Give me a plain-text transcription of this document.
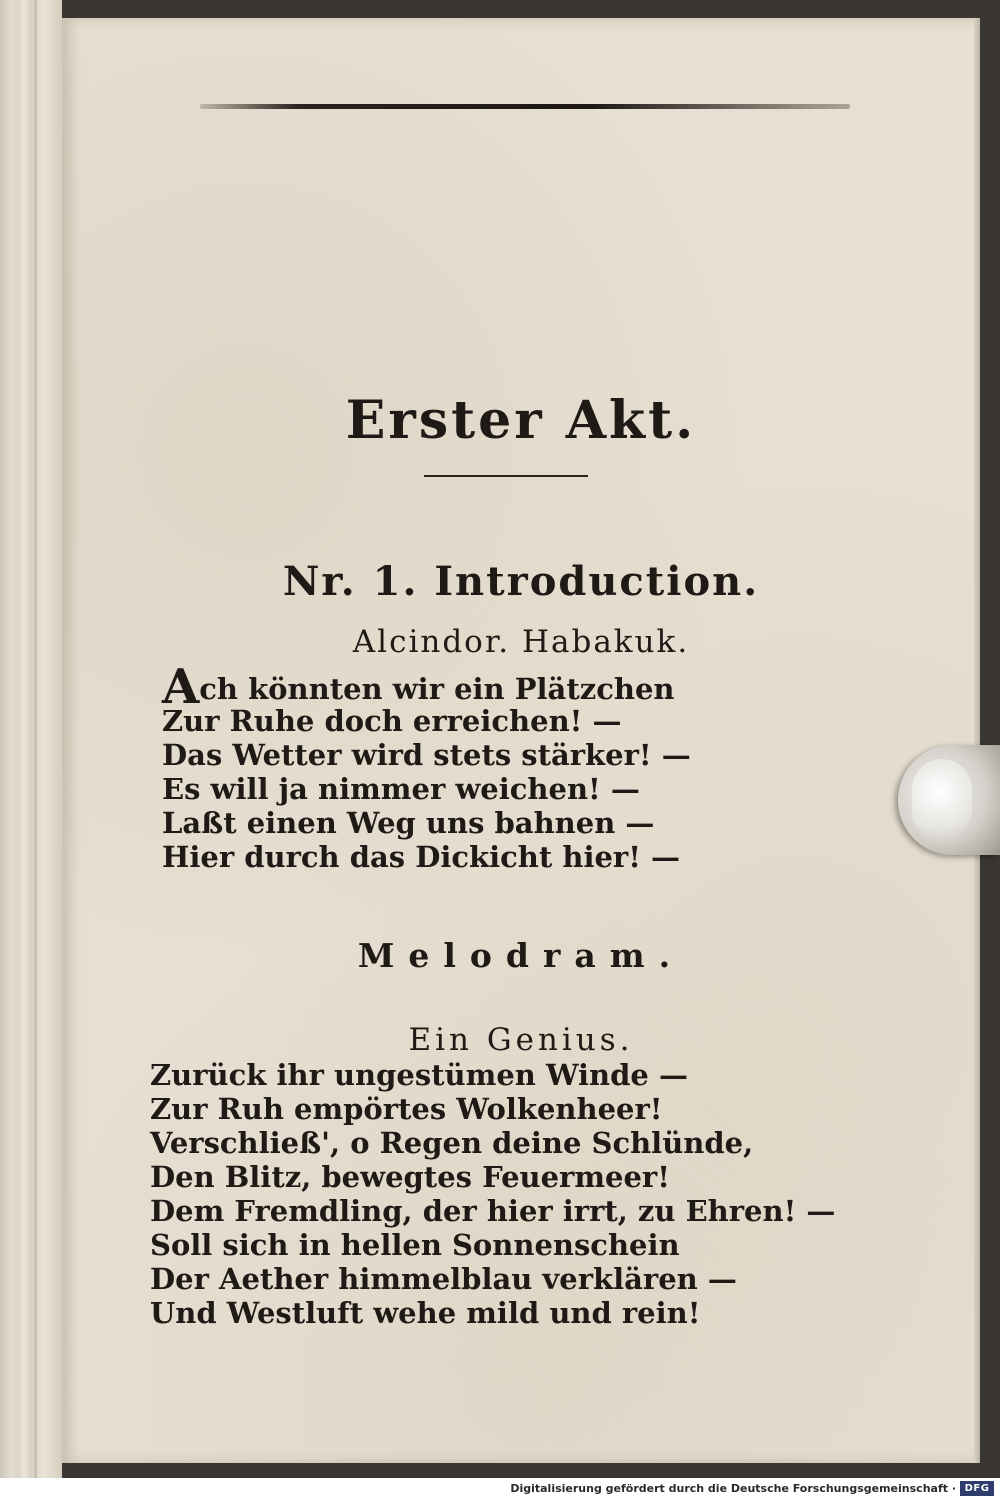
Erster Akt.
Nr. 1. Introduction.
Alcindor. Habakuk.
Ach könnten wir ein Plätzchen
Zur Ruhe doch erreichen! —
Das Wetter wird stets stärker! —
Es will ja nimmer weichen! —
Laßt einen Weg uns bahnen —
Hier durch das Dickicht hier! —
Melodram.
Ein Genius.
Zurück ihr ungestümen Winde —
Zur Ruh empörtes Wolkenheer!
Verschließ', o Regen deine Schlünde,
Den Blitz, bewegtes Feuermeer!
Dem Fremdling, der hier irrt, zu Ehren! —
Soll sich in hellen Sonnenschein
Der Aether himmelblau verklären —
Und Westluft wehe mild und rein!
Digitalisierung gefördert durch die Deutsche Forschungsgemeinschaft · DFG
